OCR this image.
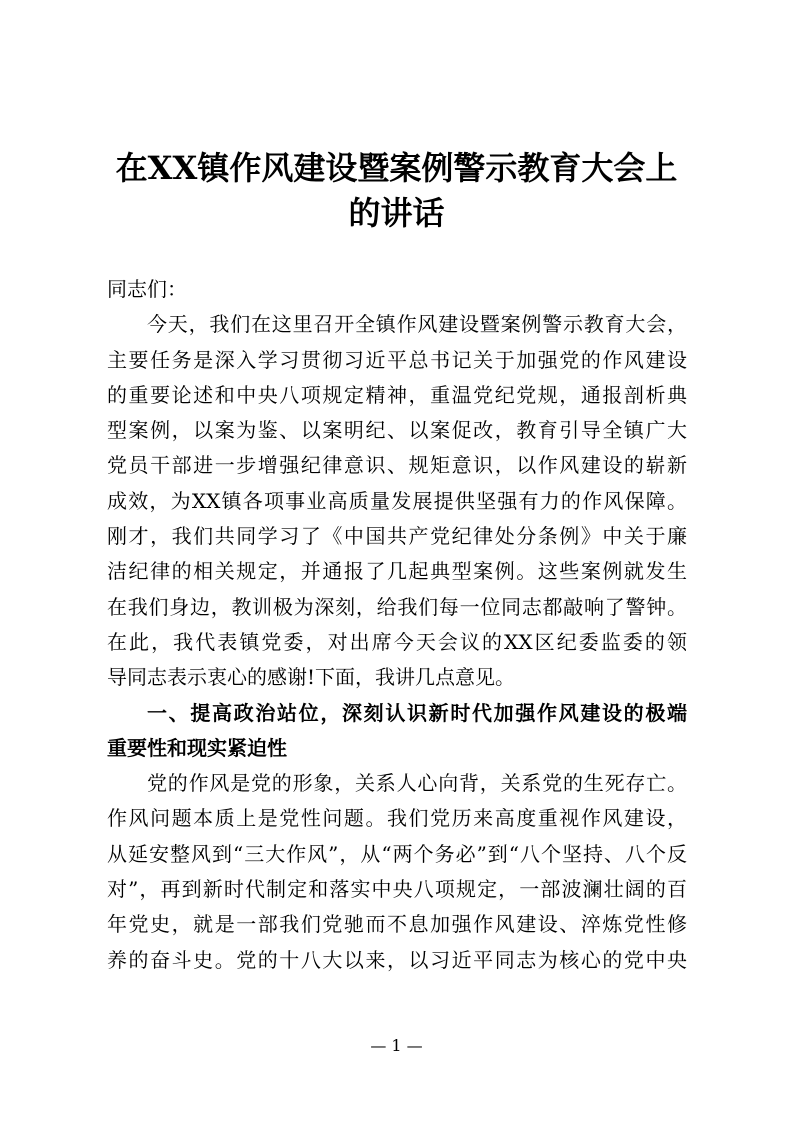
在XX镇作风建设暨案例警示教育大会上
的讲话
同志们：
今天，我们在这里召开全镇作风建设暨案例警示教育大会，
主要任务是深入学习贯彻习近平总书记关于加强党的作风建设
的重要论述和中央八项规定精神，重温党纪党规，通报剖析典
型案例，以案为鉴、以案明纪、以案促改，教育引导全镇广大
党员干部进一步增强纪律意识、规矩意识，以作风建设的崭新
成效，为XX镇各项事业高质量发展提供坚强有力的作风保障。
刚才，我们共同学习了《中国共产党纪律处分条例》中关于廉
洁纪律的相关规定，并通报了几起典型案例。这些案例就发生
在我们身边，教训极为深刻，给我们每一位同志都敲响了警钟。
在此，我代表镇党委，对出席今天会议的XX区纪委监委的领
导同志表示衷心的感谢!下面，我讲几点意见。
一、提高政治站位，深刻认识新时代加强作风建设的极端
重要性和现实紧迫性
党的作风是党的形象，关系人心向背，关系党的生死存亡。
作风问题本质上是党性问题。我们党历来高度重视作风建设，
从延安整风到“三大作风”，从“两个务必”到“八个坚持、八个反
对”，再到新时代制定和落实中央八项规定，一部波澜壮阔的百
年党史，就是一部我们党驰而不息加强作风建设、淬炼党性修
养的奋斗史。党的十八大以来，以习近平同志为核心的党中央
— 1 —
